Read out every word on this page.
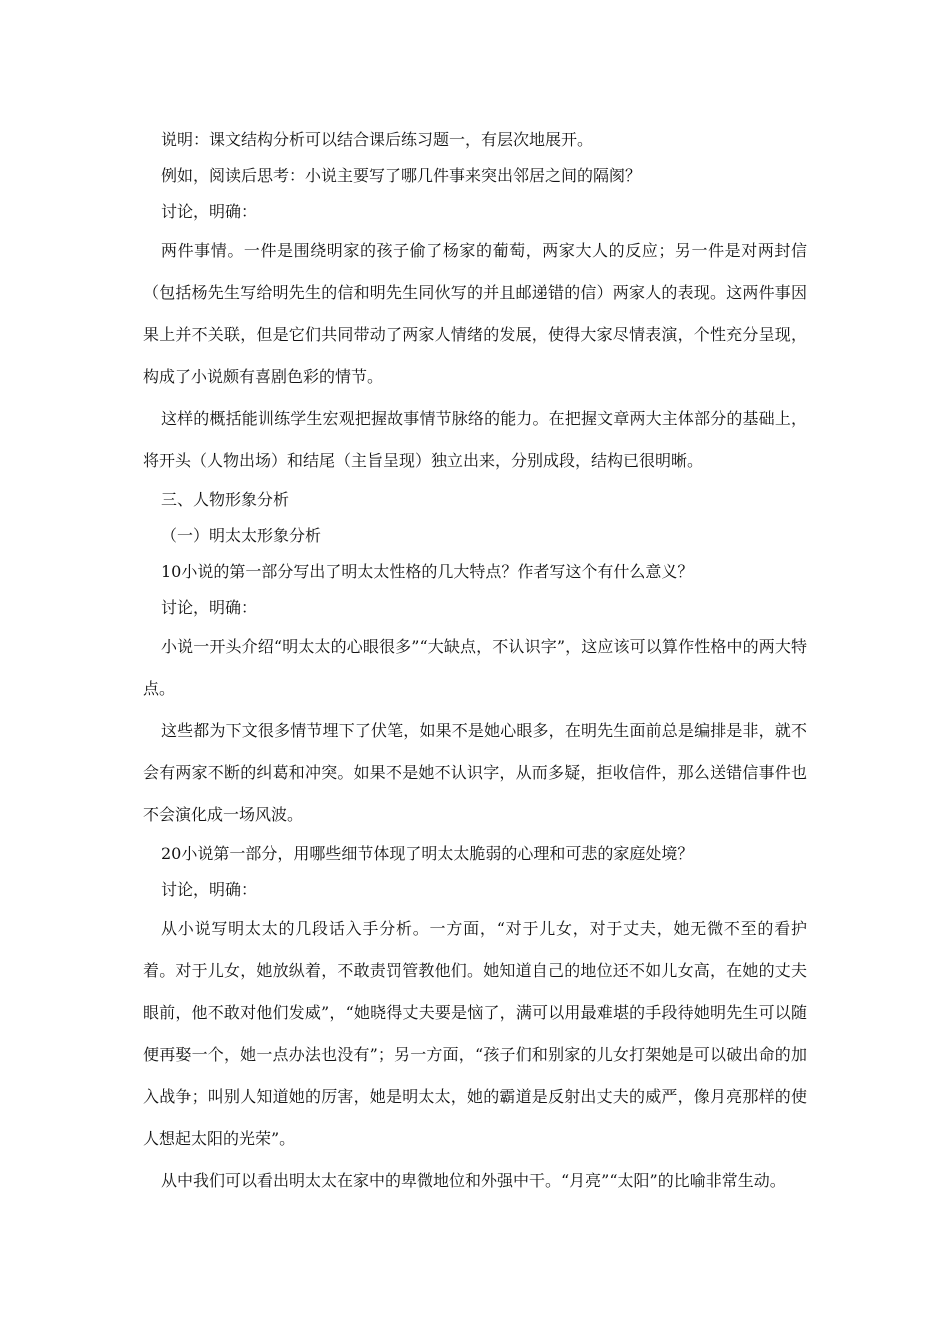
说明：课文结构分析可以结合课后练习题一，有层次地展开。

例如，阅读后思考：小说主要写了哪几件事来突出邻居之间的隔阂？

讨论，明确：

两件事情。一件是围绕明家的孩子偷了杨家的葡萄，两家大人的反应；另一件是对两封信（包括杨先生写给明先生的信和明先生同伙写的并且邮递错的信）两家人的表现。这两件事因果上并不关联，但是它们共同带动了两家人情绪的发展，使得大家尽情表演，个性充分呈现，构成了小说颇有喜剧色彩的情节。

这样的概括能训练学生宏观把握故事情节脉络的能力。在把握文章两大主体部分的基础上，将开头（人物出场）和结尾（主旨呈现）独立出来，分别成段，结构已很明晰。

三、人物形象分析

（一）明太太形象分析

10小说的第一部分写出了明太太性格的几大特点？作者写这个有什么意义？

讨论，明确：

小说一开头介绍“明太太的心眼很多”“大缺点，不认识字”，这应该可以算作性格中的两大特点。

这些都为下文很多情节埋下了伏笔，如果不是她心眼多，在明先生面前总是编排是非，就不会有两家不断的纠葛和冲突。如果不是她不认识字，从而多疑，拒收信件，那么送错信事件也不会演化成一场风波。

20小说第一部分，用哪些细节体现了明太太脆弱的心理和可悲的家庭处境？

讨论，明确：

从小说写明太太的几段话入手分析。一方面，“对于儿女，对于丈夫，她无微不至的看护着。对于儿女，她放纵着，不敢责罚管教他们。她知道自己的地位还不如儿女高，在她的丈夫眼前，他不敢对他们发威”，“她晓得丈夫要是恼了，满可以用最难堪的手段待她明先生可以随便再娶一个，她一点办法也没有”；另一方面，“孩子们和别家的儿女打架她是可以破出命的加入战争；叫别人知道她的厉害，她是明太太，她的霸道是反射出丈夫的威严，像月亮那样的使人想起太阳的光荣”。

从中我们可以看出明太太在家中的卑微地位和外强中干。“月亮”“太阳”的比喻非常生动。
